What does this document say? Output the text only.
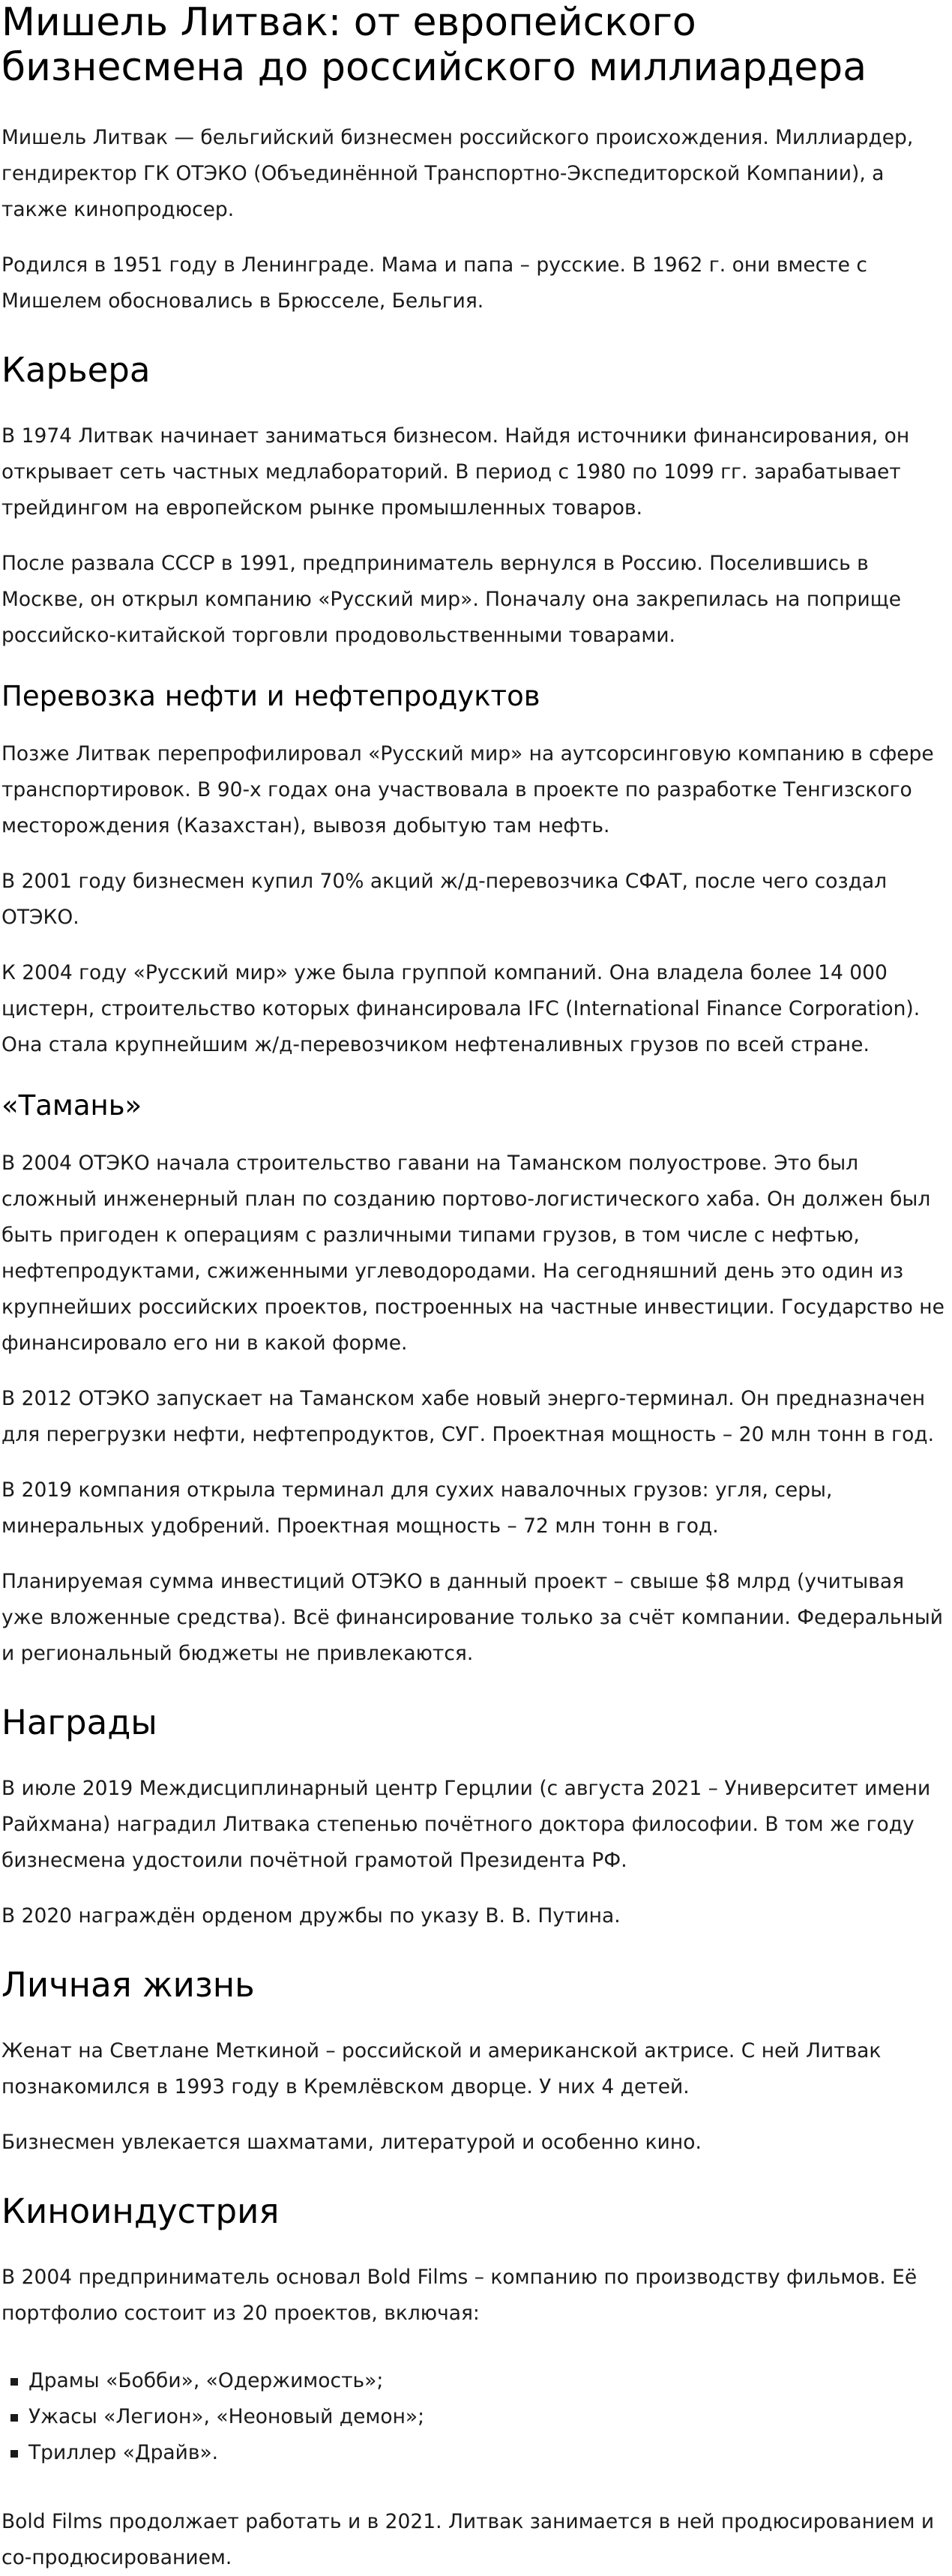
Мишель Литвак: от европейского бизнесмена до российского миллиардера

Мишель Литвак — бельгийский бизнесмен российского происхождения. Миллиардер, гендиректор ГК ОТЭКО (Объединённой Транспортно-Экспедиторской Компании), а также кинопродюсер.

Родился в 1951 году в Ленинграде. Мама и папа – русские. В 1962 г. они вместе с Мишелем обосновались в Брюсселе, Бельгия.

Карьера

В 1974 Литвак начинает заниматься бизнесом. Найдя источники финансирования, он открывает сеть частных медлабораторий. В период с 1980 по 1099 гг. зарабатывает трейдингом на европейском рынке промышленных товаров.

После развала СССР в 1991, предприниматель вернулся в Россию. Поселившись в Москве, он открыл компанию «Русский мир». Поначалу она закрепилась на поприще российско-китайской торговли продовольственными товарами.

Перевозка нефти и нефтепродуктов

Позже Литвак перепрофилировал «Русский мир» на аутсорсинговую компанию в сфере транспортировок. В 90-х годах она участвовала в проекте по разработке Тенгизского месторождения (Казахстан), вывозя добытую там нефть.

В 2001 году бизнесмен купил 70% акций ж/д-перевозчика СФАТ, после чего создал ОТЭКО.

К 2004 году «Русский мир» уже была группой компаний. Она владела более 14 000 цистерн, строительство которых финансировала IFC (International Finance Corporation). Она стала крупнейшим ж/д-перевозчиком нефтеналивных грузов по всей стране.

«Тамань»

В 2004 ОТЭКО начала строительство гавани на Таманском полуострове. Это был сложный инженерный план по созданию портово-логистического хаба. Он должен был быть пригоден к операциям с различными типами грузов, в том числе с нефтью, нефтепродуктами, сжиженными углеводородами. На сегодняшний день это один из крупнейших российских проектов, построенных на частные инвестиции. Государство не финансировало его ни в какой форме.

В 2012 ОТЭКО запускает на Таманском хабе новый энерго-терминал. Он предназначен для перегрузки нефти, нефтепродуктов, СУГ. Проектная мощность – 20 млн тонн в год.

В 2019 компания открыла терминал для сухих навалочных грузов: угля, серы, минеральных удобрений. Проектная мощность – 72 млн тонн в год.

Планируемая сумма инвестиций ОТЭКО в данный проект – свыше $8 млрд (учитывая уже вложенные средства). Всё финансирование только за счёт компании. Федеральный и региональный бюджеты не привлекаются.

Награды

В июле 2019 Междисциплинарный центр Герцлии (с августа 2021 – Университет имени Райхмана) наградил Литвака степенью почётного доктора философии. В том же году бизнесмена удостоили почётной грамотой Президента РФ.

В 2020 награждён орденом дружбы по указу В. В. Путина.

Личная жизнь

Женат на Светлане Меткиной – российской и американской актрисе. С ней Литвак познакомился в 1993 году в Кремлёвском дворце. У них 4 детей.

Бизнесмен увлекается шахматами, литературой и особенно кино.

Киноиндустрия

В 2004 предприниматель основал Bold Films – компанию по производству фильмов. Её портфолио состоит из 20 проектов, включая:

Драмы «Бобби», «Одержимость»;
Ужасы «Легион», «Неоновый демон»;
Триллер «Драйв».

Bold Films продолжает работать и в 2021. Литвак занимается в ней продюсированием и со-продюсированием.
